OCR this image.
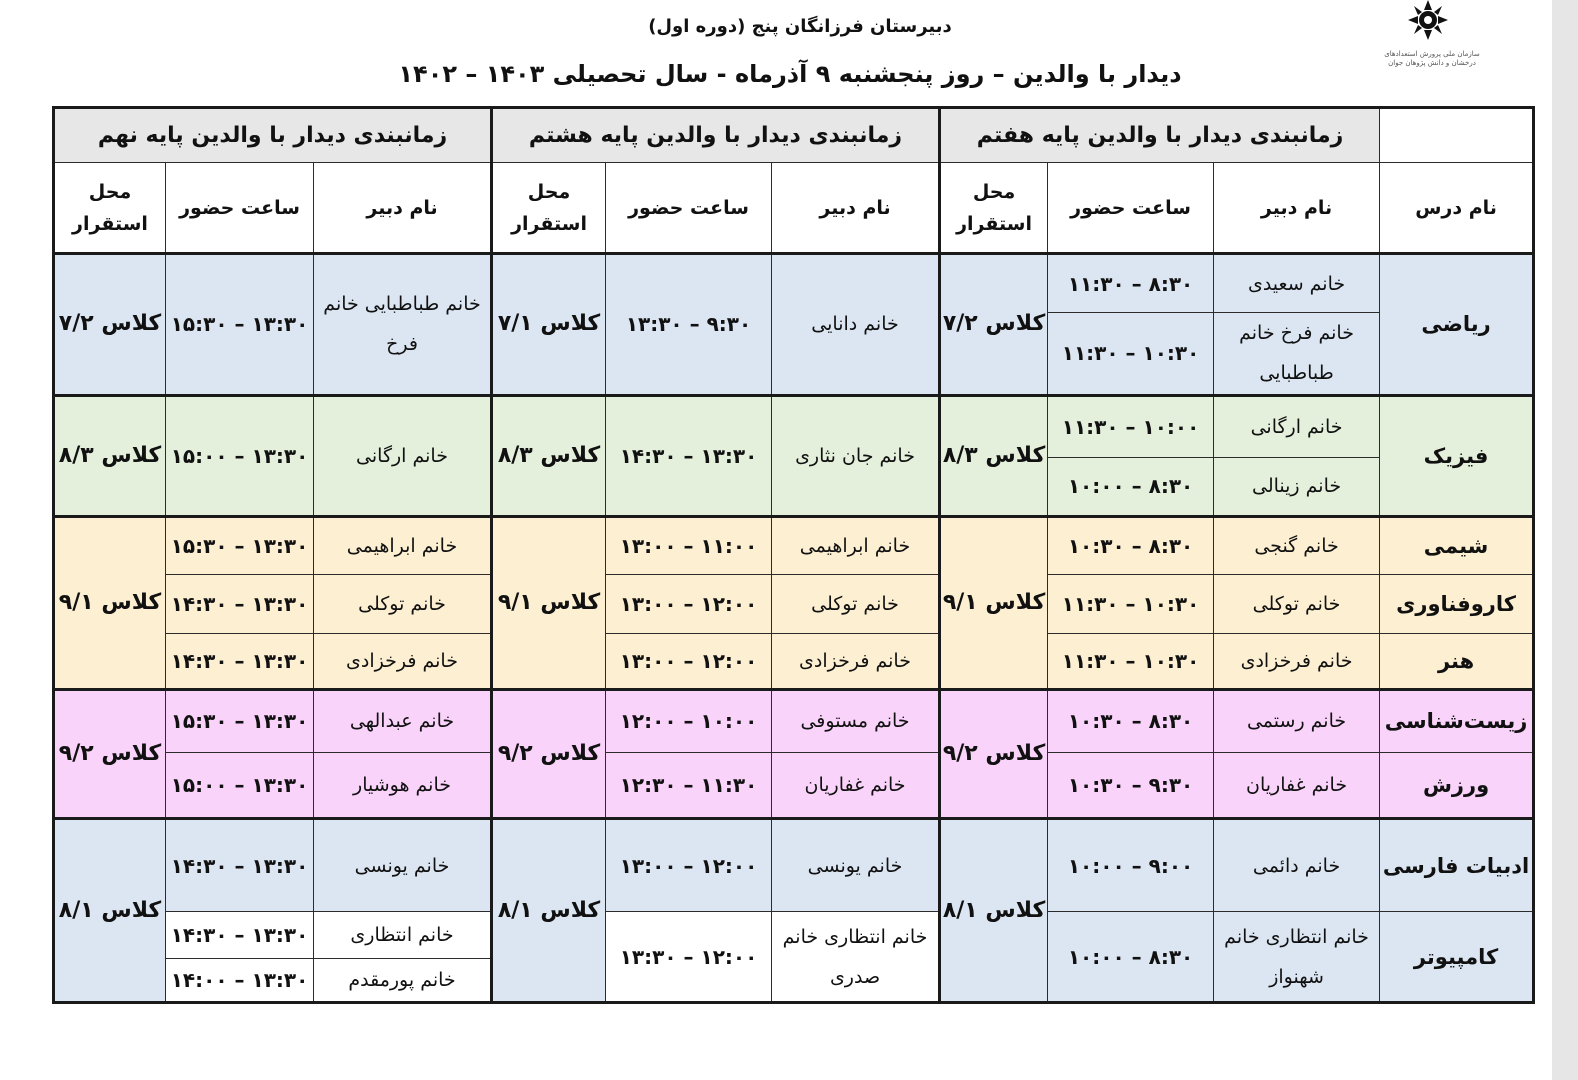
سازمان ملی پرورش استعدادهای درخشان و دانش پژوهان جوان
دبیرستان فرزانگان پنج (دوره اول)
دیدار با والدین – روز پنجشنبه ۹ آذرماه - سال تحصیلی ۱۴۰۳ – ۱۴۰۲
	زمانبندی دیدار با والدین پایه هفتم			زمانبندی دیدار با والدین پایه هشتم			زمانبندی دیدار با والدین پایه نهم		
نام درس	نام دبیر	ساعت حضور	محل استقرار	نام دبیر	ساعت حضور	محل استقرار	نام دبیر	ساعت حضور	محل استقرار
ریاضی	خانم سعیدی	۸:۳۰ – ۱۱:۳۰	کلاس ۷/۲	خانم دانایی	۹:۳۰ – ۱۳:۳۰	کلاس ۷/۱	خانم طباطبایی خانم فرخ	۱۳:۳۰ – ۱۵:۳۰	کلاس ۷/۲
	خانم فرخ خانم طباطبایی	۱۰:۳۰ – ۱۱:۳۰							
فیزیک	خانم ارگانی	۱۰:۰۰ – ۱۱:۳۰	کلاس ۸/۳	خانم جان نثاری	۱۳:۳۰ – ۱۴:۳۰	کلاس ۸/۳	خانم ارگانی	۱۳:۳۰ – ۱۵:۰۰	کلاس ۸/۳
	خانم زینالی	۸:۳۰ – ۱۰:۰۰							
شیمی	خانم گنجی	۸:۳۰ – ۱۰:۳۰	کلاس ۹/۱	خانم ابراهیمی	۱۱:۰۰ – ۱۳:۰۰	کلاس ۹/۱	خانم ابراهیمی	۱۳:۳۰ – ۱۵:۳۰	کلاس ۹/۱
کاروفناوری	خانم توکلی	۱۰:۳۰ – ۱۱:۳۰		خانم توکلی	۱۲:۰۰ – ۱۳:۰۰		خانم توکلی	۱۳:۳۰ – ۱۴:۳۰	
هنر	خانم فرخزادی	۱۰:۳۰ – ۱۱:۳۰		خانم فرخزادی	۱۲:۰۰ – ۱۳:۰۰		خانم فرخزادی	۱۳:۳۰ – ۱۴:۳۰	
زیست‌شناسی	خانم رستمی	۸:۳۰ – ۱۰:۳۰	کلاس ۹/۲	خانم مستوفی	۱۰:۰۰ – ۱۲:۰۰	کلاس ۹/۲	خانم عبدالهی	۱۳:۳۰ – ۱۵:۳۰	کلاس ۹/۲
ورزش	خانم غفاریان	۹:۳۰ – ۱۰:۳۰		خانم غفاریان	۱۱:۳۰ – ۱۲:۳۰		خانم هوشیار	۱۳:۳۰ – ۱۵:۰۰	
ادبیات فارسی	خانم دائمی	۹:۰۰ – ۱۰:۰۰	کلاس ۸/۱	خانم یونسی	۱۲:۰۰ – ۱۳:۰۰	کلاس ۸/۱	خانم یونسی	۱۳:۳۰ – ۱۴:۳۰	کلاس ۸/۱
کامپیوتر	خانم انتظاری خانم شهنواز	۸:۳۰ – ۱۰:۰۰		خانم انتظاری خانم صدری	۱۲:۰۰ – ۱۳:۳۰		خانم انتظاری	۱۳:۳۰ – ۱۴:۳۰	
							خانم پورمقدم	۱۳:۳۰ – ۱۴:۰۰	
